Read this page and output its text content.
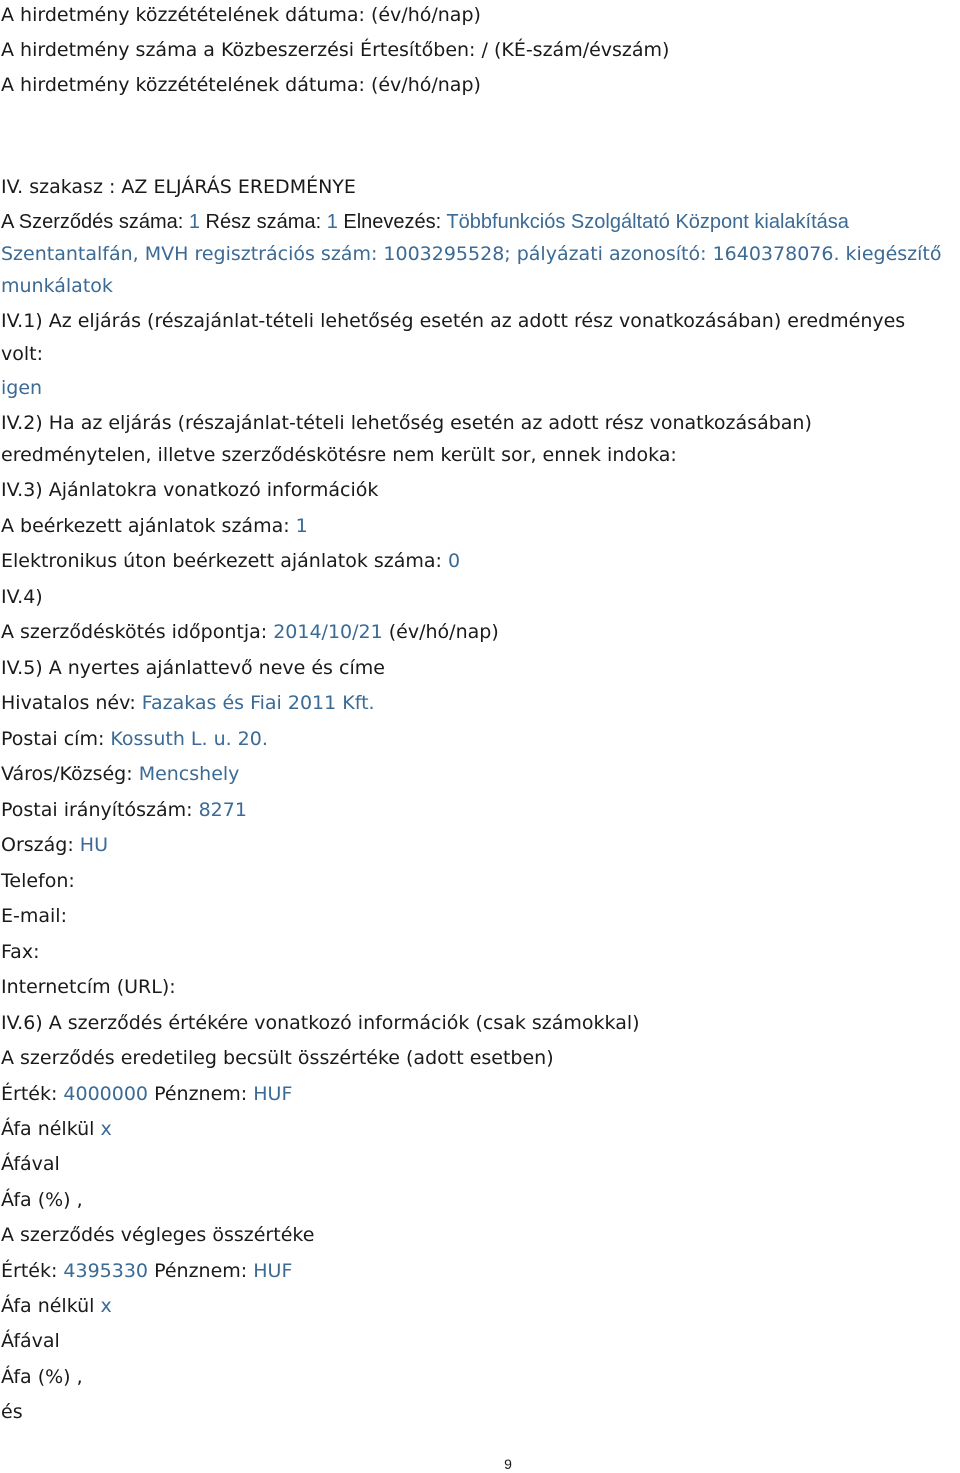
A hirdetmény közzétételének dátuma: (év/hó/nap)
A hirdetmény száma a Közbeszerzési Értesítőben: / (KÉ-szám/évszám)
A hirdetmény közzétételének dátuma: (év/hó/nap)
IV. szakasz : AZ ELJÁRÁS EREDMÉNYE
A Szerződés száma: 1 Rész száma: 1 Elnevezés: Többfunkciós Szolgáltató Központ kialakítása
Szentantalfán, MVH regisztrációs szám: 1003295528; pályázati azonosító: 1640378076. kiegészítő
munkálatok
IV.1) Az eljárás (részajánlat-tételi lehetőség esetén az adott rész vonatkozásában) eredményes
volt:
igen
IV.2) Ha az eljárás (részajánlat-tételi lehetőség esetén az adott rész vonatkozásában)
eredménytelen, illetve szerződéskötésre nem került sor, ennek indoka:
IV.3) Ajánlatokra vonatkozó információk
A beérkezett ajánlatok száma: 1
Elektronikus úton beérkezett ajánlatok száma: 0
IV.4)
A szerződéskötés időpontja: 2014/10/21 (év/hó/nap)
IV.5) A nyertes ajánlattevő neve és címe
Hivatalos név: Fazakas és Fiai 2011 Kft.
Postai cím: Kossuth L. u. 20.
Város/Község: Mencshely
Postai irányítószám: 8271
Ország: HU
Telefon:
E-mail:
Fax:
Internetcím (URL):
IV.6) A szerződés értékére vonatkozó információk (csak számokkal)
A szerződés eredetileg becsült összértéke (adott esetben)
Érték: 4000000 Pénznem: HUF
Áfa nélkül x
Áfával
Áfa (%) ,
A szerződés végleges összértéke
Érték: 4395330 Pénznem: HUF
Áfa nélkül x
Áfával
Áfa (%) ,
és
9
